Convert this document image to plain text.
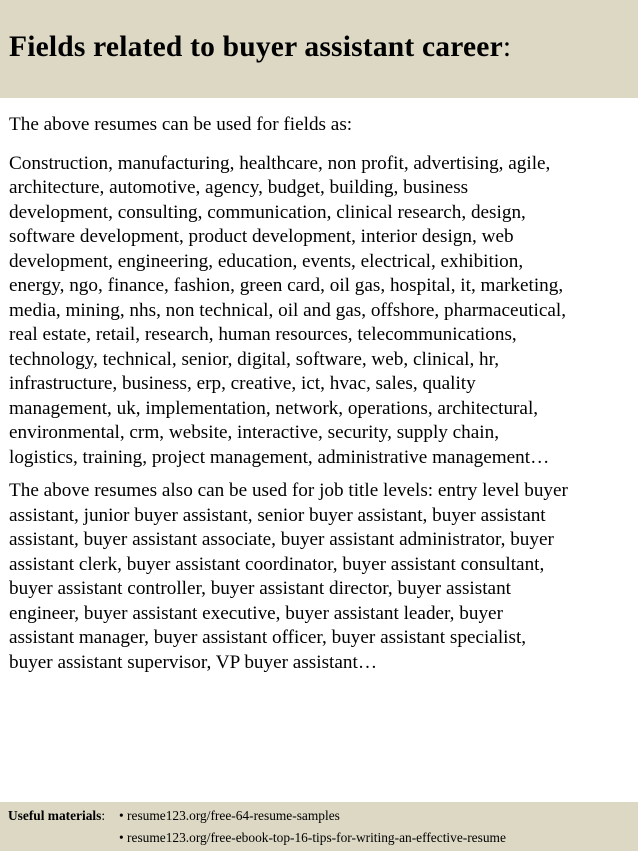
Fields related to buyer assistant career:

The above resumes can be used for fields as:

Construction, manufacturing, healthcare, non profit, advertising, agile,
architecture, automotive, agency, budget, building, business
development, consulting, communication, clinical research, design,
software development, product development, interior design, web
development, engineering, education, events, electrical, exhibition,
energy, ngo, finance, fashion, green card, oil gas, hospital, it, marketing,
media, mining, nhs, non technical, oil and gas, offshore, pharmaceutical,
real estate, retail, research, human resources, telecommunications,
technology, technical, senior, digital, software, web, clinical, hr,
infrastructure, business, erp, creative, ict, hvac, sales, quality
management, uk, implementation, network, operations, architectural,
environmental, crm, website, interactive, security, supply chain,
logistics, training, project management, administrative management…

The above resumes also can be used for job title levels: entry level buyer
assistant, junior buyer assistant, senior buyer assistant, buyer assistant
assistant, buyer assistant associate, buyer assistant administrator, buyer
assistant clerk, buyer assistant coordinator, buyer assistant consultant,
buyer assistant controller, buyer assistant director, buyer assistant
engineer, buyer assistant executive, buyer assistant leader, buyer
assistant manager, buyer assistant officer, buyer assistant specialist,
buyer assistant supervisor, VP buyer assistant…

Useful materials: • resume123.org/free-64-resume-samples
• resume123.org/free-ebook-top-16-tips-for-writing-an-effective-resume
